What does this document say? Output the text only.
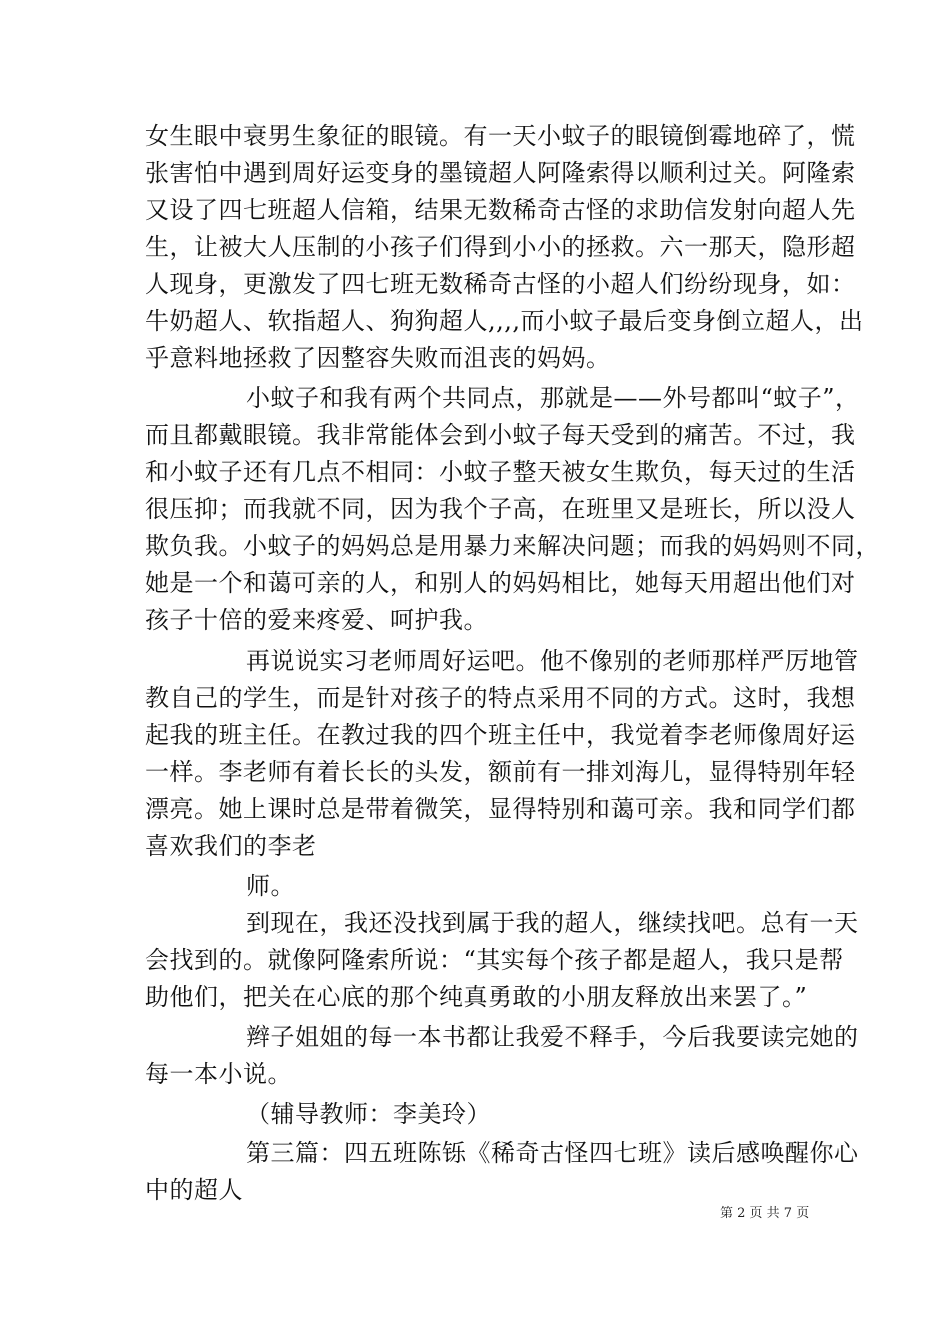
女生眼中衰男生象征的眼镜。有一天小蚊子的眼镜倒霉地碎了，慌
张害怕中遇到周好运变身的墨镜超人阿隆索得以顺利过关。阿隆索
又设了四七班超人信箱，结果无数稀奇古怪的求助信发射向超人先
生，让被大人压制的小孩子们得到小小的拯救。六一那天，隐形超
人现身，更激发了四七班无数稀奇古怪的小超人们纷纷现身，如：
牛奶超人、软指超人、狗狗超人,,,,而小蚊子最后变身倒立超人，出
乎意料地拯救了因整容失败而沮丧的妈妈。
小蚊子和我有两个共同点，那就是——外号都叫“蚊子”，
而且都戴眼镜。我非常能体会到小蚊子每天受到的痛苦。不过，我
和小蚊子还有几点不相同：小蚊子整天被女生欺负，每天过的生活
很压抑；而我就不同，因为我个子高，在班里又是班长，所以没人
欺负我。小蚊子的妈妈总是用暴力来解决问题；而我的妈妈则不同，
她是一个和蔼可亲的人，和别人的妈妈相比，她每天用超出他们对
孩子十倍的爱来疼爱、呵护我。
再说说实习老师周好运吧。他不像别的老师那样严厉地管
教自己的学生，而是针对孩子的特点采用不同的方式。这时，我想
起我的班主任。在教过我的四个班主任中，我觉着李老师像周好运
一样。李老师有着长长的头发，额前有一排刘海儿，显得特别年轻
漂亮。她上课时总是带着微笑，显得特别和蔼可亲。我和同学们都
喜欢我们的李老
师。
到现在，我还没找到属于我的超人，继续找吧。总有一天
会找到的。就像阿隆索所说：“其实每个孩子都是超人，我只是帮
助他们，把关在心底的那个纯真勇敢的小朋友释放出来罢了。”
辫子姐姐的每一本书都让我爱不释手，今后我要读完她的
每一本小说。
（辅导教师：李美玲）
第三篇：四五班陈铄《稀奇古怪四七班》读后感唤醒你心
中的超人
第 2 页 共 7 页
